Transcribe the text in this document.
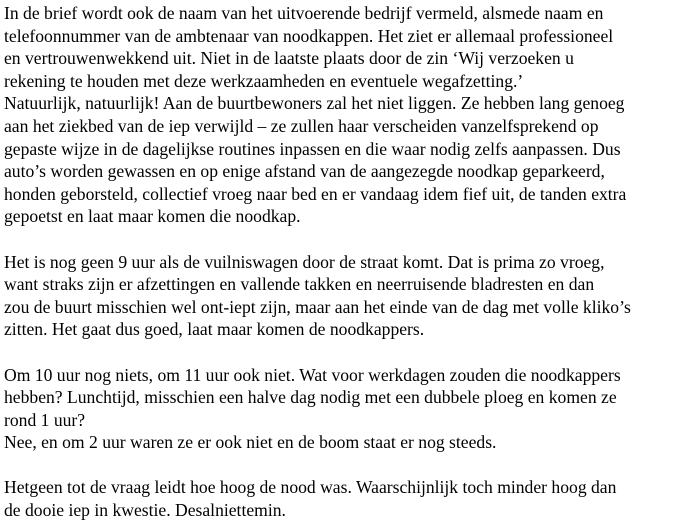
In de brief wordt ook de naam van het uitvoerende bedrijf vermeld, alsmede naam en
telefoonnummer van de ambtenaar van noodkappen. Het ziet er allemaal professioneel
en vertrouwenwekkend uit. Niet in de laatste plaats door de zin ‘Wij verzoeken u
rekening te houden met deze werkzaamheden en eventuele wegafzetting.’
Natuurlijk, natuurlijk! Aan de buurtbewoners zal het niet liggen. Ze hebben lang genoeg
aan het ziekbed van de iep verwijld – ze zullen haar verscheiden vanzelfsprekend op
gepaste wijze in de dagelijkse routines inpassen en die waar nodig zelfs aanpassen. Dus
auto’s worden gewassen en op enige afstand van de aangezegde noodkap geparkeerd,
honden geborsteld, collectief vroeg naar bed en er vandaag idem fief uit, de tanden extra
gepoetst en laat maar komen die noodkap.
Het is nog geen 9 uur als de vuilniswagen door de straat komt. Dat is prima zo vroeg,
want straks zijn er afzettingen en vallende takken en neerruisende bladresten en dan
zou de buurt misschien wel ont-iept zijn, maar aan het einde van de dag met volle kliko’s
zitten. Het gaat dus goed, laat maar komen de noodkappers.
Om 10 uur nog niets, om 11 uur ook niet. Wat voor werkdagen zouden die noodkappers
hebben? Lunchtijd, misschien een halve dag nodig met een dubbele ploeg en komen ze
rond 1 uur?
Nee, en om 2 uur waren ze er ook niet en de boom staat er nog steeds.
Hetgeen tot de vraag leidt hoe hoog de nood was. Waarschijnlijk toch minder hoog dan
de dooie iep in kwestie. Desalniettemin.
